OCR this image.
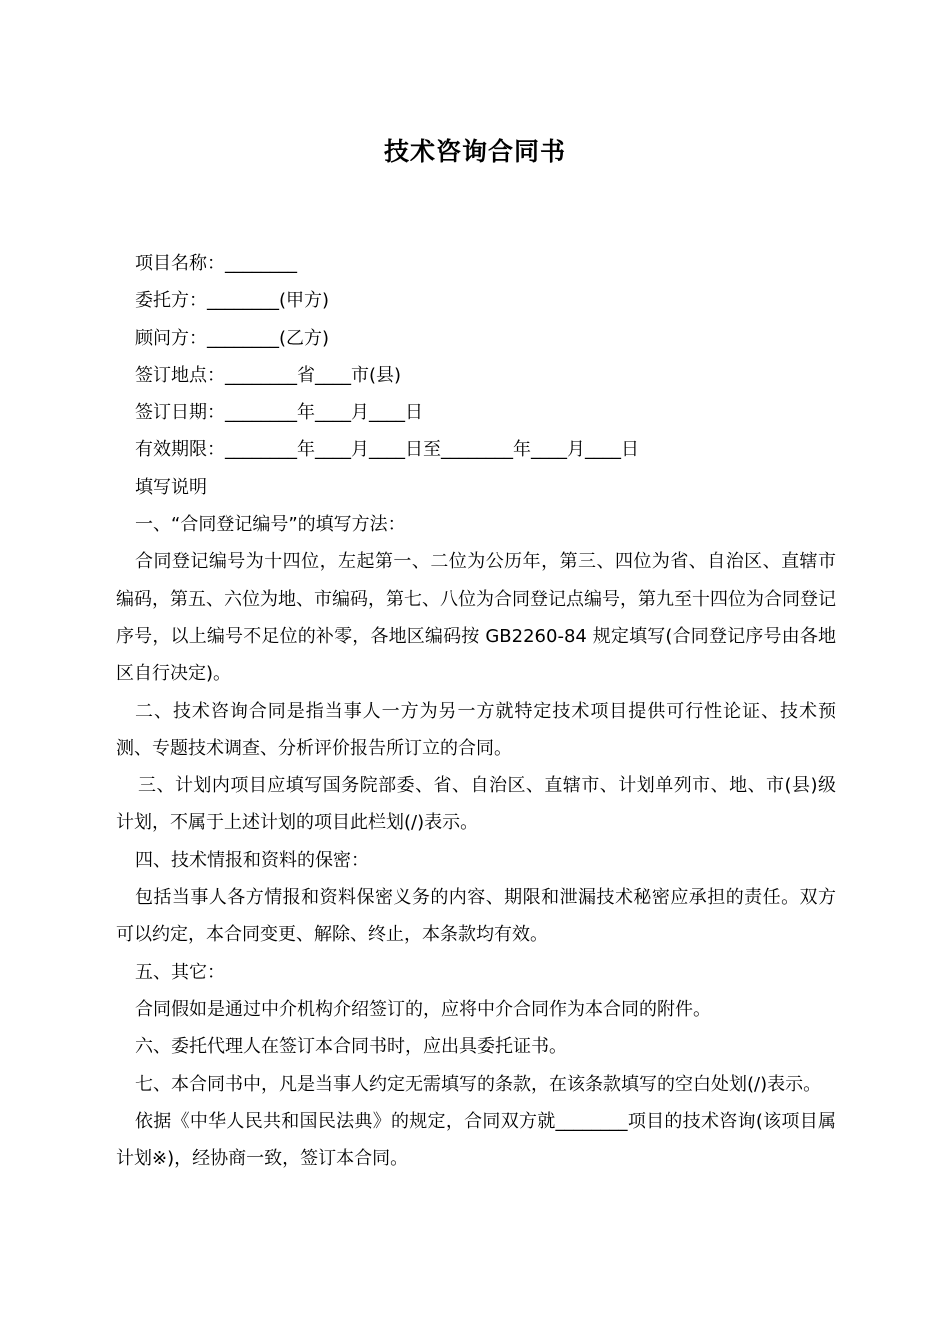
技术咨询合同书

项目名称：________

委托方：________(甲方)

顾问方：________(乙方)

签订地点：________省____市(县)

签订日期：________年____月____日

有效期限：________年____月____日至________年____月____日

填写说明

一、“合同登记编号”的填写方法：

合同登记编号为十四位，左起第一、二位为公历年，第三、四位为省、自治区、直辖市编码，第五、六位为地、市编码，第七、八位为合同登记点编号，第九至十四位为合同登记序号，以上编号不足位的补零，各地区编码按 GB2260-84 规定填写(合同登记序号由各地区自行决定)。

二、技术咨询合同是指当事人一方为另一方就特定技术项目提供可行性论证、技术预测、专题技术调查、分析评价报告所订立的合同。

三、计划内项目应填写国务院部委、省、自治区、直辖市、计划单列市、地、市(县)级计划，不属于上述计划的项目此栏划(/)表示。

四、技术情报和资料的保密：

包括当事人各方情报和资料保密义务的内容、期限和泄漏技术秘密应承担的责任。双方可以约定，本合同变更、解除、终止，本条款均有效。

五、其它：

合同假如是通过中介机构介绍签订的，应将中介合同作为本合同的附件。

六、委托代理人在签订本合同书时，应出具委托证书。

七、本合同书中，凡是当事人约定无需填写的条款，在该条款填写的空白处划(/)表示。

依据《中华人民共和国民法典》的规定，合同双方就________项目的技术咨询(该项目属计划※)，经协商一致，签订本合同。
